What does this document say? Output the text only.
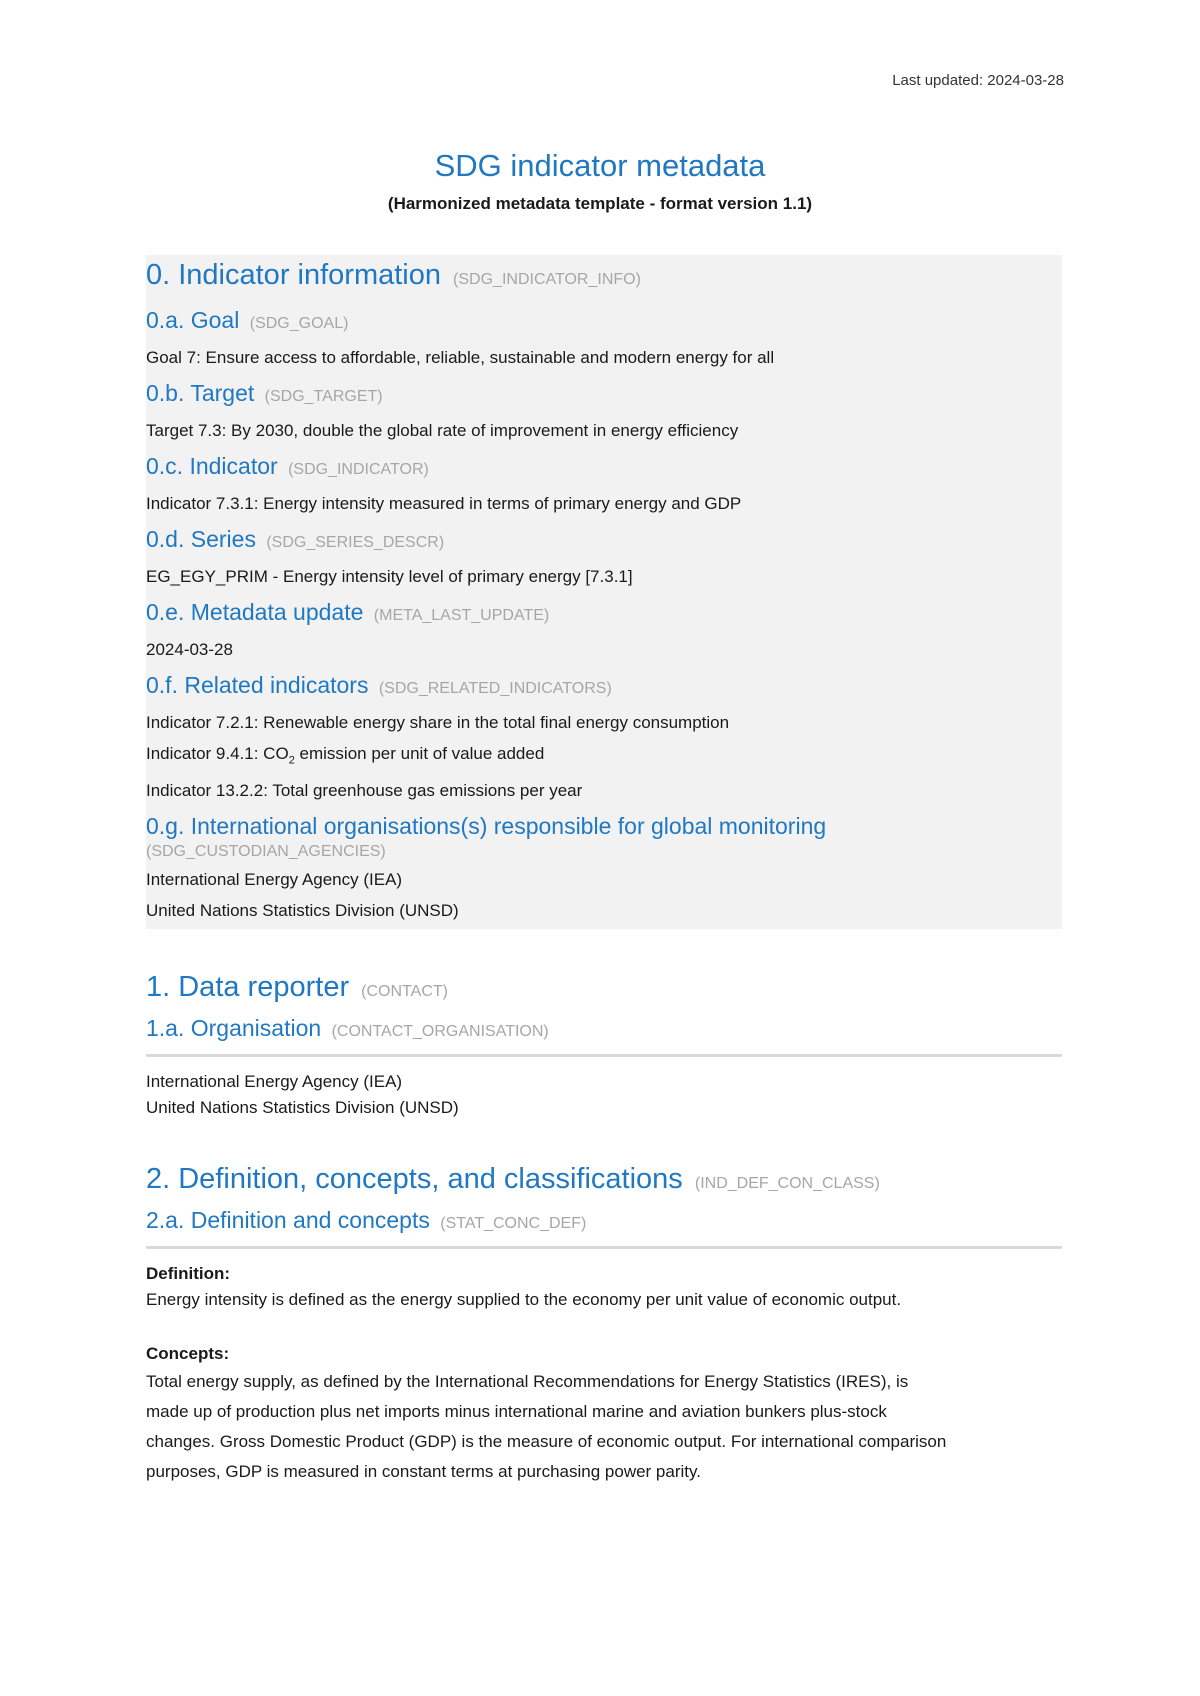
Last updated: 2024-03-28
SDG indicator metadata
(Harmonized metadata template - format version 1.1)
0. Indicator information (SDG_INDICATOR_INFO)
0.a. Goal (SDG_GOAL)

Goal 7: Ensure access to affordable, reliable, sustainable and modern energy for all

0.b. Target (SDG_TARGET)

Target 7.3: By 2030, double the global rate of improvement in energy efficiency

0.c. Indicator (SDG_INDICATOR)

Indicator 7.3.1: Energy intensity measured in terms of primary energy and GDP

0.d. Series (SDG_SERIES_DESCR)

EG_EGY_PRIM - Energy intensity level of primary energy [7.3.1]

0.e. Metadata update (META_LAST_UPDATE)

2024-03-28

0.f. Related indicators (SDG_RELATED_INDICATORS)

Indicator 7.2.1: Renewable energy share in the total final energy consumption

Indicator 9.4.1: $CO_2$ emission per unit of value added

Indicator 13.2.2: Total greenhouse gas emissions per year

0.g. International organisations(s) responsible for global monitoring
(SDG_CUSTODIAN_AGENCIES)

International Energy Agency (IEA)

United Nations Statistics Division (UNSD)

1. Data reporter (CONTACT)
1.a. Organisation (CONTACT_ORGANISATION)

International Energy Agency (IEA)

United Nations Statistics Division (UNSD)

2. Definition, concepts, and classifications (IND_DEF_CON_CLASS)
2.a. Definition and concepts (STAT_CONC_DEF)
Definition:

Energy intensity is defined as the energy supplied to the economy per unit value of economic output.

Concepts:

Total energy supply, as defined by the International Recommendations for Energy Statistics (IRES), is

made up of production plus net imports minus international marine and aviation bunkers plus-stock

changes. Gross Domestic Product (GDP) is the measure of economic output. For international comparison

purposes, GDP is measured in constant terms at purchasing power parity.
